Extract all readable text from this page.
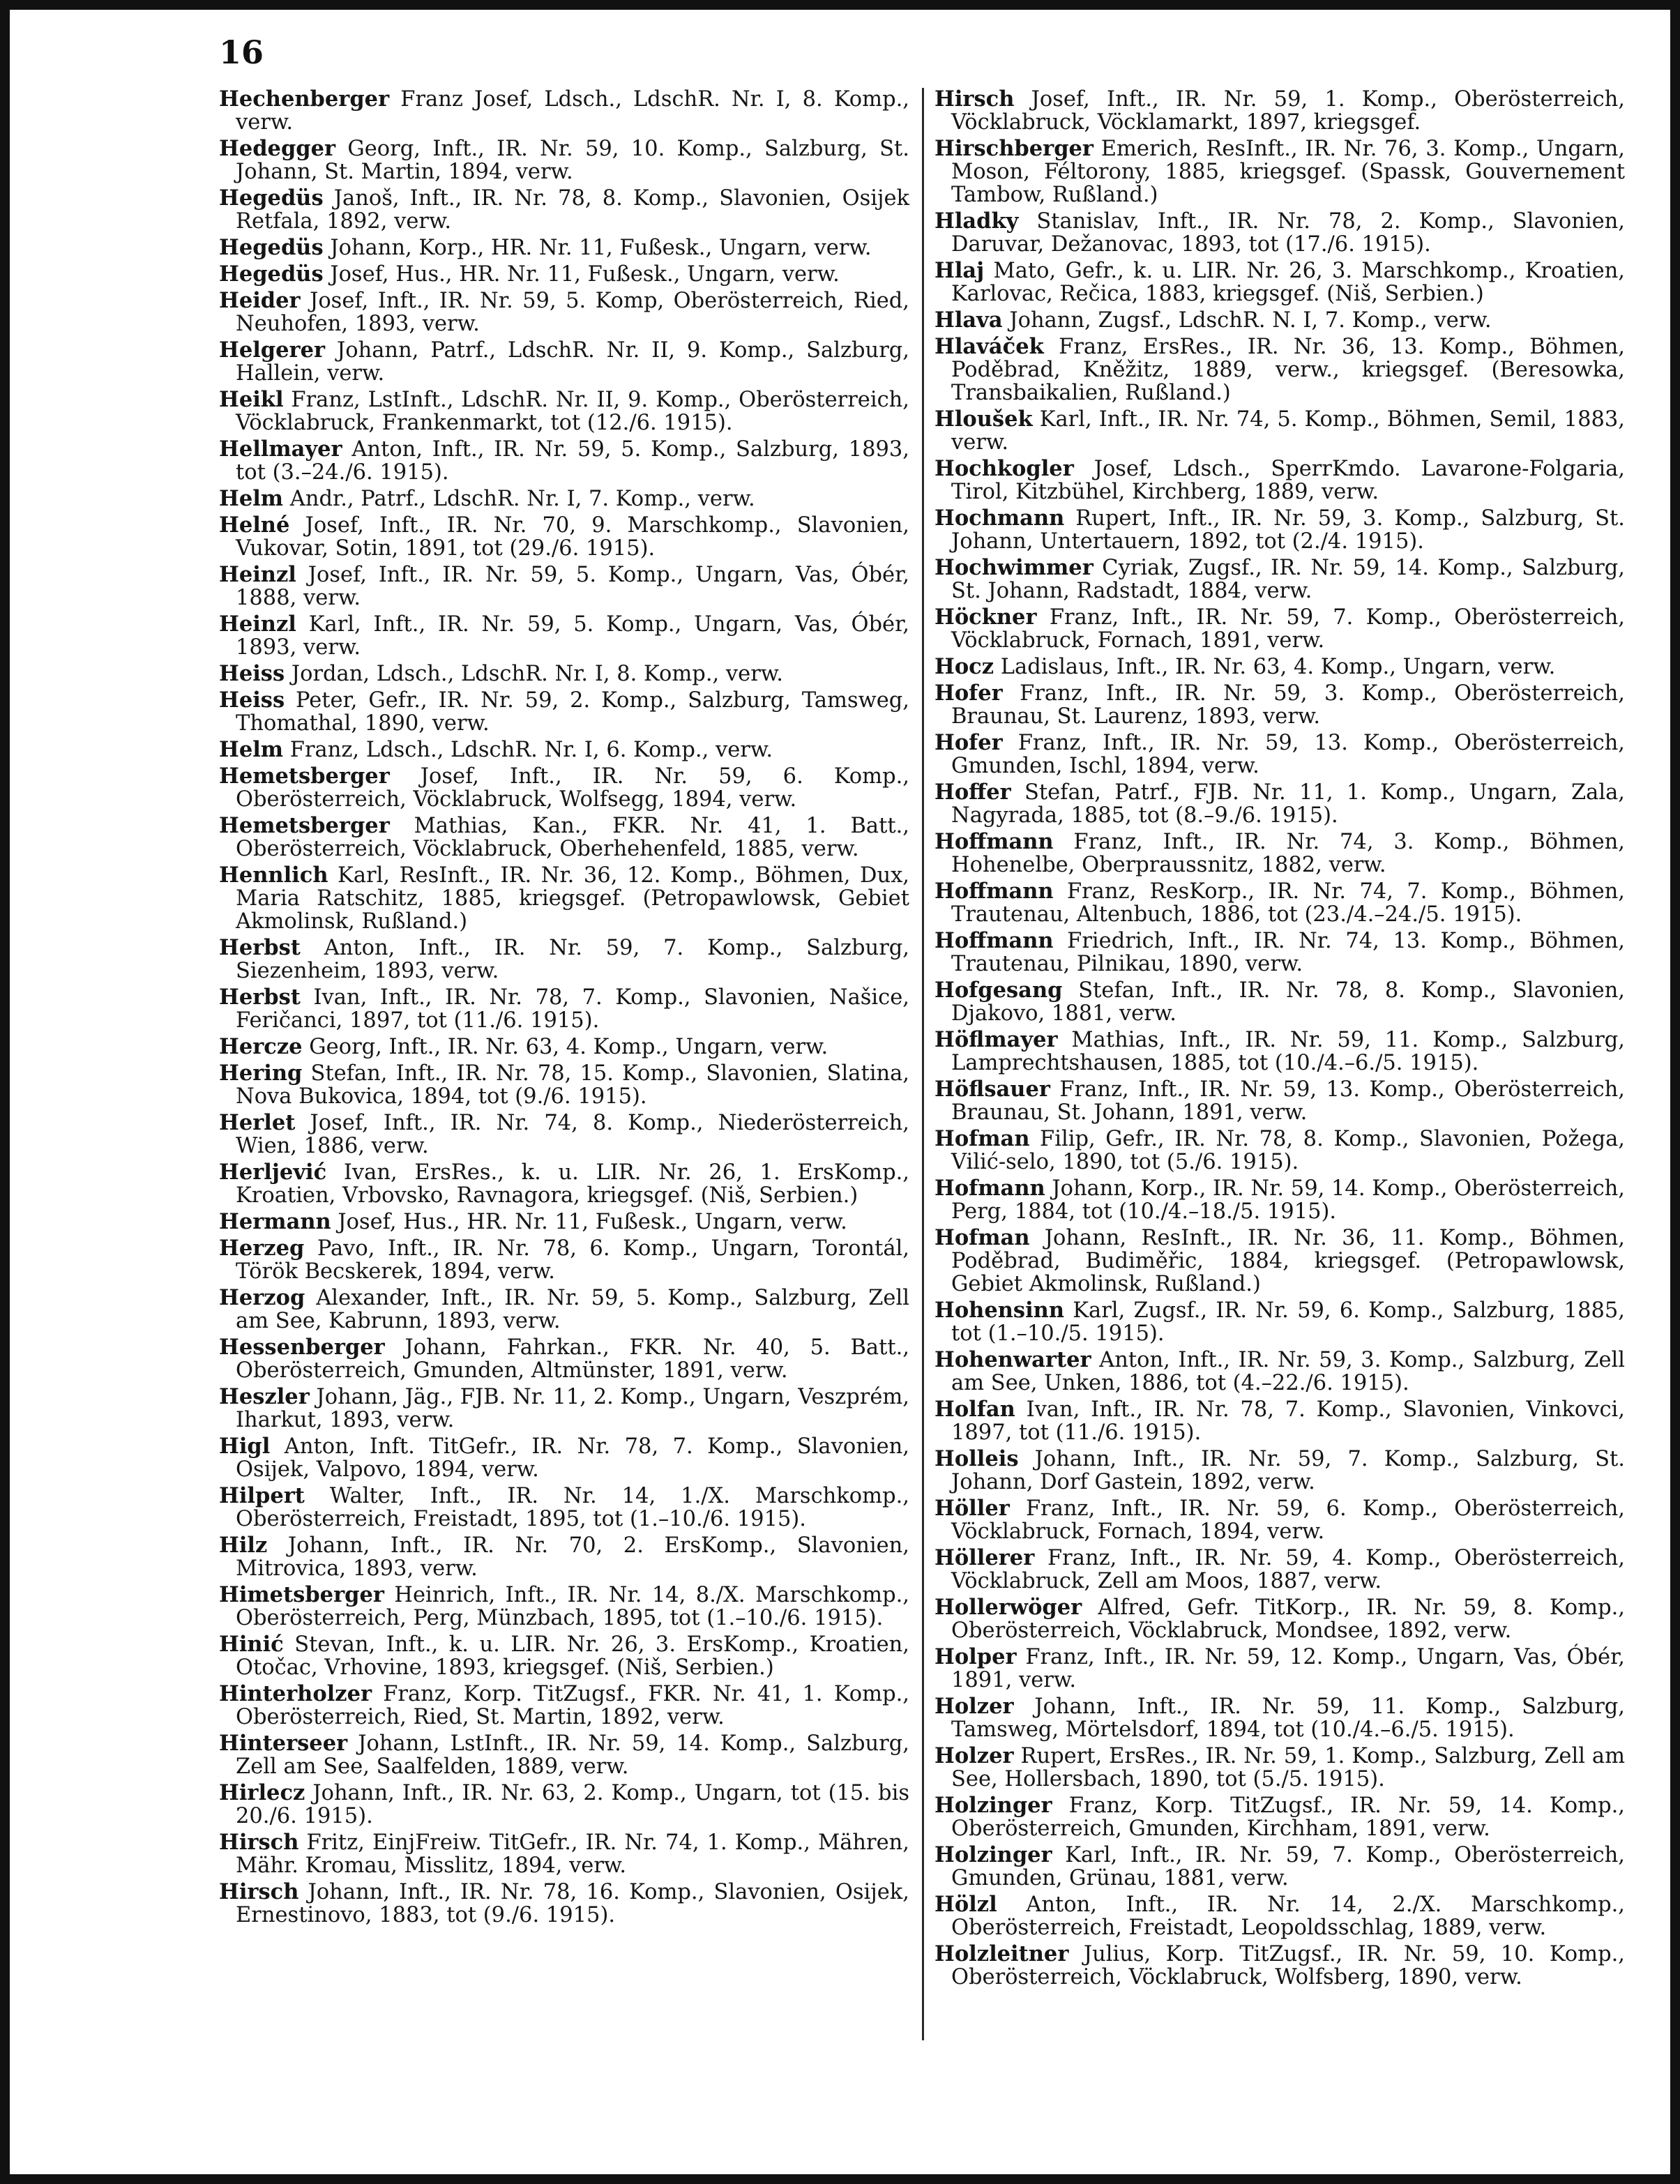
16
Hechenberger Franz Josef, Ldsch., LdschR. Nr. I, 8. Komp., verw.
Hedegger Georg, Inft., IR. Nr. 59, 10. Komp., Salzburg, St. Johann, St. Martin, 1894, verw.
Hegedüs Janoš, Inft., IR. Nr. 78, 8. Komp., Slavonien, Osijek Retfala, 1892, verw.
Hegedüs Johann, Korp., HR. Nr. 11, Fußesk., Ungarn, verw.
Hegedüs Josef, Hus., HR. Nr. 11, Fußesk., Ungarn, verw.
Heider Josef, Inft., IR. Nr. 59, 5. Komp, Oberösterreich, Ried, Neuhofen, 1893, verw.
Helgerer Johann, Patrf., LdschR. Nr. II, 9. Komp., Salzburg, Hallein, verw.
Heikl Franz, LstInft., LdschR. Nr. II, 9. Komp., Oberösterreich, Vöcklabruck, Frankenmarkt, tot (12./6. 1915).
Hellmayer Anton, Inft., IR. Nr. 59, 5. Komp., Salzburg, 1893, tot (3.–24./6. 1915).
Helm Andr., Patrf., LdschR. Nr. I, 7. Komp., verw.
Helné Josef, Inft., IR. Nr. 70, 9. Marschkomp., Slavonien, Vukovar, Sotin, 1891, tot (29./6. 1915).
Heinzl Josef, Inft., IR. Nr. 59, 5. Komp., Ungarn, Vas, Óbér, 1888, verw.
Heinzl Karl, Inft., IR. Nr. 59, 5. Komp., Ungarn, Vas, Óbér, 1893, verw.
Heiss Jordan, Ldsch., LdschR. Nr. I, 8. Komp., verw.
Heiss Peter, Gefr., IR. Nr. 59, 2. Komp., Salzburg, Tamsweg, Thomathal, 1890, verw.
Helm Franz, Ldsch., LdschR. Nr. I, 6. Komp., verw.
Hemetsberger Josef, Inft., IR. Nr. 59, 6. Komp., Oberösterreich, Vöcklabruck, Wolfsegg, 1894, verw.
Hemetsberger Mathias, Kan., FKR. Nr. 41, 1. Batt., Oberösterreich, Vöcklabruck, Oberhehenfeld, 1885, verw.
Hennlich Karl, ResInft., IR. Nr. 36, 12. Komp., Böhmen, Dux, Maria Ratschitz, 1885, kriegsgef. (Petropawlowsk, Gebiet Akmolinsk, Rußland.)
Herbst Anton, Inft., IR. Nr. 59, 7. Komp., Salzburg, Siezenheim, 1893, verw.
Herbst Ivan, Inft., IR. Nr. 78, 7. Komp., Slavonien, Našice, Feričanci, 1897, tot (11./6. 1915).
Hercze Georg, Inft., IR. Nr. 63, 4. Komp., Ungarn, verw.
Hering Stefan, Inft., IR. Nr. 78, 15. Komp., Slavonien, Slatina, Nova Bukovica, 1894, tot (9./6. 1915).
Herlet Josef, Inft., IR. Nr. 74, 8. Komp., Niederösterreich, Wien, 1886, verw.
Herljević Ivan, ErsRes., k. u. LIR. Nr. 26, 1. ErsKomp., Kroatien, Vrbovsko, Ravnagora, kriegsgef. (Niš, Serbien.)
Hermann Josef, Hus., HR. Nr. 11, Fußesk., Ungarn, verw.
Herzeg Pavo, Inft., IR. Nr. 78, 6. Komp., Ungarn, Torontál, Török Becskerek, 1894, verw.
Herzog Alexander, Inft., IR. Nr. 59, 5. Komp., Salzburg, Zell am See, Kabrunn, 1893, verw.
Hessenberger Johann, Fahrkan., FKR. Nr. 40, 5. Batt., Oberösterreich, Gmunden, Altmünster, 1891, verw.
Heszler Johann, Jäg., FJB. Nr. 11, 2. Komp., Ungarn, Veszprém, Iharkut, 1893, verw.
Higl Anton, Inft. TitGefr., IR. Nr. 78, 7. Komp., Slavonien, Osijek, Valpovo, 1894, verw.
Hilpert Walter, Inft., IR. Nr. 14, 1./X. Marschkomp., Oberösterreich, Freistadt, 1895, tot (1.–10./6. 1915).
Hilz Johann, Inft., IR. Nr. 70, 2. ErsKomp., Slavonien, Mitrovica, 1893, verw.
Himetsberger Heinrich, Inft., IR. Nr. 14, 8./X. Marschkomp., Oberösterreich, Perg, Münzbach, 1895, tot (1.–10./6. 1915).
Hinić Stevan, Inft., k. u. LIR. Nr. 26, 3. ErsKomp., Kroatien, Otočac, Vrhovine, 1893, kriegsgef. (Niš, Serbien.)
Hinterholzer Franz, Korp. TitZugsf., FKR. Nr. 41, 1. Komp., Oberösterreich, Ried, St. Martin, 1892, verw.
Hinterseer Johann, LstInft., IR. Nr. 59, 14. Komp., Salzburg, Zell am See, Saalfelden, 1889, verw.
Hirlecz Johann, Inft., IR. Nr. 63, 2. Komp., Ungarn, tot (15. bis 20./6. 1915).
Hirsch Fritz, EinjFreiw. TitGefr., IR. Nr. 74, 1. Komp., Mähren, Mähr. Kromau, Misslitz, 1894, verw.
Hirsch Johann, Inft., IR. Nr. 78, 16. Komp., Slavonien, Osijek, Ernestinovo, 1883, tot (9./6. 1915).
Hirsch Josef, Inft., IR. Nr. 59, 1. Komp., Oberösterreich, Vöcklabruck, Vöcklamarkt, 1897, kriegsgef.
Hirschberger Emerich, ResInft., IR. Nr. 76, 3. Komp., Ungarn, Moson, Féltorony, 1885, kriegsgef. (Spassk, Gouvernement Tambow, Rußland.)
Hladky Stanislav, Inft., IR. Nr. 78, 2. Komp., Slavonien, Daruvar, Dežanovac, 1893, tot (17./6. 1915).
Hlaj Mato, Gefr., k. u. LIR. Nr. 26, 3. Marschkomp., Kroatien, Karlovac, Rečica, 1883, kriegsgef. (Niš, Serbien.)
Hlava Johann, Zugsf., LdschR. N. I, 7. Komp., verw.
Hlaváček Franz, ErsRes., IR. Nr. 36, 13. Komp., Böhmen, Poděbrad, Kněžitz, 1889, verw., kriegsgef. (Beresowka, Transbaikalien, Rußland.)
Hloušek Karl, Inft., IR. Nr. 74, 5. Komp., Böhmen, Semil, 1883, verw.
Hochkogler Josef, Ldsch., SperrKmdo. Lavarone-Folgaria, Tirol, Kitzbühel, Kirchberg, 1889, verw.
Hochmann Rupert, Inft., IR. Nr. 59, 3. Komp., Salzburg, St. Johann, Untertauern, 1892, tot (2./4. 1915).
Hochwimmer Cyriak, Zugsf., IR. Nr. 59, 14. Komp., Salzburg, St. Johann, Radstadt, 1884, verw.
Höckner Franz, Inft., IR. Nr. 59, 7. Komp., Oberösterreich, Vöcklabruck, Fornach, 1891, verw.
Hocz Ladislaus, Inft., IR. Nr. 63, 4. Komp., Ungarn, verw.
Hofer Franz, Inft., IR. Nr. 59, 3. Komp., Oberösterreich, Braunau, St. Laurenz, 1893, verw.
Hofer Franz, Inft., IR. Nr. 59, 13. Komp., Oberösterreich, Gmunden, Ischl, 1894, verw.
Hoffer Stefan, Patrf., FJB. Nr. 11, 1. Komp., Ungarn, Zala, Nagyrada, 1885, tot (8.–9./6. 1915).
Hoffmann Franz, Inft., IR. Nr. 74, 3. Komp., Böhmen, Hohenelbe, Oberpraussnitz, 1882, verw.
Hoffmann Franz, ResKorp., IR. Nr. 74, 7. Komp., Böhmen, Trautenau, Altenbuch, 1886, tot (23./4.–24./5. 1915).
Hoffmann Friedrich, Inft., IR. Nr. 74, 13. Komp., Böhmen, Trautenau, Pilnikau, 1890, verw.
Hofgesang Stefan, Inft., IR. Nr. 78, 8. Komp., Slavonien, Djakovo, 1881, verw.
Höflmayer Mathias, Inft., IR. Nr. 59, 11. Komp., Salzburg, Lamprechtshausen, 1885, tot (10./4.–6./5. 1915).
Höflsauer Franz, Inft., IR. Nr. 59, 13. Komp., Oberösterreich, Braunau, St. Johann, 1891, verw.
Hofman Filip, Gefr., IR. Nr. 78, 8. Komp., Slavonien, Požega, Vilić-selo, 1890, tot (5./6. 1915).
Hofmann Johann, Korp., IR. Nr. 59, 14. Komp., Oberösterreich, Perg, 1884, tot (10./4.–18./5. 1915).
Hofman Johann, ResInft., IR. Nr. 36, 11. Komp., Böhmen, Poděbrad, Budiměřic, 1884, kriegsgef. (Petropawlowsk, Gebiet Akmolinsk, Rußland.)
Hohensinn Karl, Zugsf., IR. Nr. 59, 6. Komp., Salzburg, 1885, tot (1.–10./5. 1915).
Hohenwarter Anton, Inft., IR. Nr. 59, 3. Komp., Salzburg, Zell am See, Unken, 1886, tot (4.–22./6. 1915).
Holfan Ivan, Inft., IR. Nr. 78, 7. Komp., Slavonien, Vinkovci, 1897, tot (11./6. 1915).
Holleis Johann, Inft., IR. Nr. 59, 7. Komp., Salzburg, St. Johann, Dorf Gastein, 1892, verw.
Höller Franz, Inft., IR. Nr. 59, 6. Komp., Oberösterreich, Vöcklabruck, Fornach, 1894, verw.
Höllerer Franz, Inft., IR. Nr. 59, 4. Komp., Oberösterreich, Vöcklabruck, Zell am Moos, 1887, verw.
Hollerwöger Alfred, Gefr. TitKorp., IR. Nr. 59, 8. Komp., Oberösterreich, Vöcklabruck, Mondsee, 1892, verw.
Holper Franz, Inft., IR. Nr. 59, 12. Komp., Ungarn, Vas, Óbér, 1891, verw.
Holzer Johann, Inft., IR. Nr. 59, 11. Komp., Salzburg, Tamsweg, Mörtelsdorf, 1894, tot (10./4.–6./5. 1915).
Holzer Rupert, ErsRes., IR. Nr. 59, 1. Komp., Salzburg, Zell am See, Hollersbach, 1890, tot (5./5. 1915).
Holzinger Franz, Korp. TitZugsf., IR. Nr. 59, 14. Komp., Oberösterreich, Gmunden, Kirchham, 1891, verw.
Holzinger Karl, Inft., IR. Nr. 59, 7. Komp., Oberösterreich, Gmunden, Grünau, 1881, verw.
Hölzl Anton, Inft., IR. Nr. 14, 2./X. Marschkomp., Oberösterreich, Freistadt, Leopoldsschlag, 1889, verw.
Holzleitner Julius, Korp. TitZugsf., IR. Nr. 59, 10. Komp., Oberösterreich, Vöcklabruck, Wolfsberg, 1890, verw.
